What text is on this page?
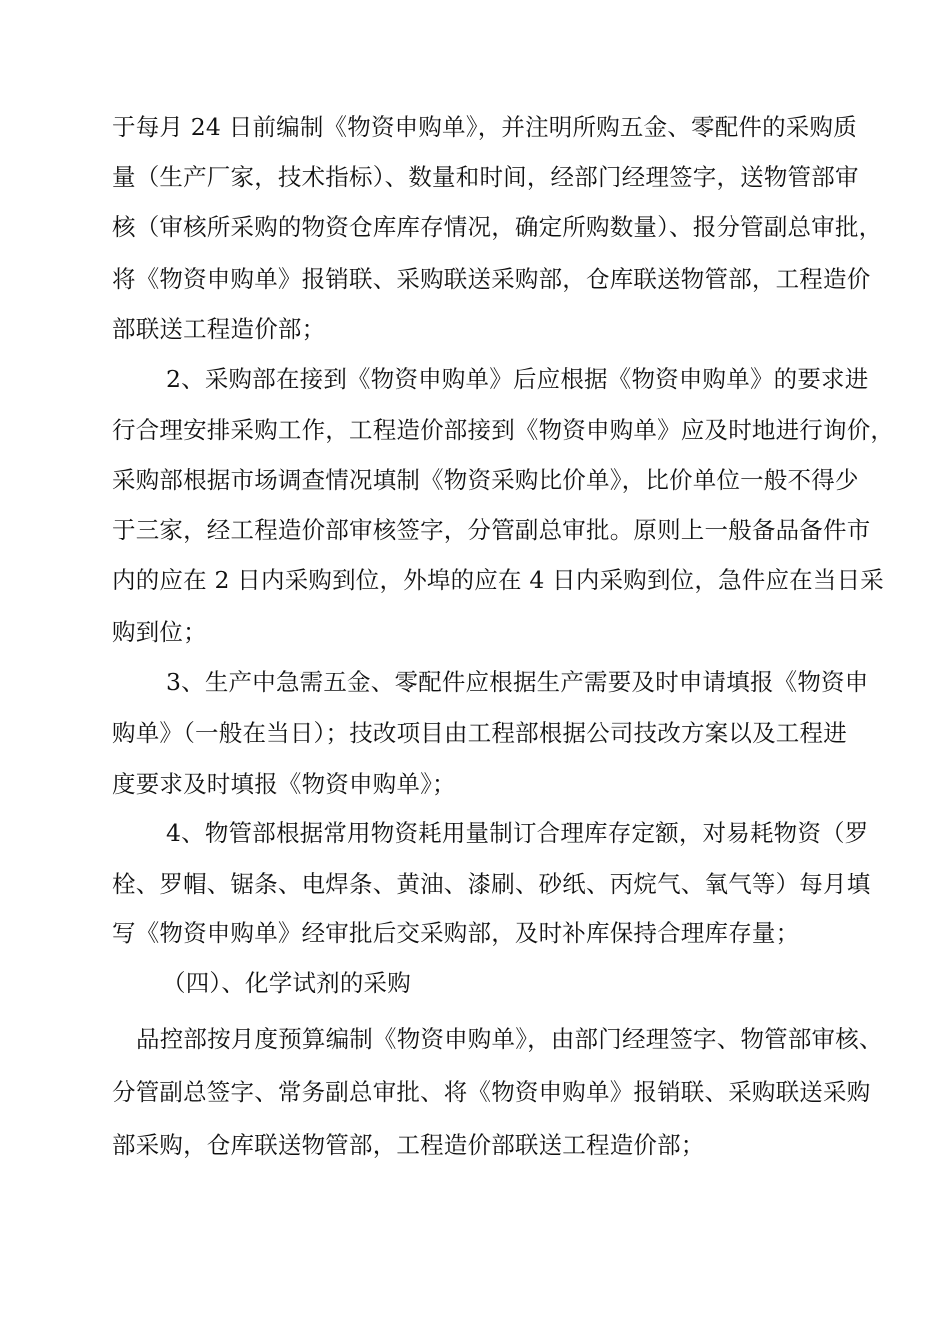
于每月 24 日前编制《物资申购单》，并注明所购五金、零配件的采购质
量（生产厂家，技术指标）、数量和时间，经部门经理签字，送物管部审
核（审核所采购的物资仓库库存情况，确定所购数量）、报分管副总审批，
将《物资申购单》报销联、采购联送采购部，仓库联送物管部，工程造价
部联送工程造价部；
2、采购部在接到《物资申购单》后应根据《物资申购单》的要求进
行合理安排采购工作，工程造价部接到《物资申购单》应及时地进行询价，
采购部根据市场调查情况填制《物资采购比价单》，比价单位一般不得少
于三家，经工程造价部审核签字，分管副总审批。原则上一般备品备件市
内的应在 2 日内采购到位，外埠的应在 4 日内采购到位，急件应在当日采
购到位；
3、生产中急需五金、零配件应根据生产需要及时申请填报《物资申
购单》（一般在当日）；技改项目由工程部根据公司技改方案以及工程进
度要求及时填报《物资申购单》；
4、物管部根据常用物资耗用量制订合理库存定额，对易耗物资（罗
栓、罗帽、锯条、电焊条、黄油、漆刷、砂纸、丙烷气、氧气等）每月填
写《物资申购单》经审批后交采购部，及时补库保持合理库存量；
（四）、化学试剂的采购
品控部按月度预算编制《物资申购单》，由部门经理签字、物管部审核、
分管副总签字、常务副总审批、将《物资申购单》报销联、采购联送采购
部采购，仓库联送物管部，工程造价部联送工程造价部；
